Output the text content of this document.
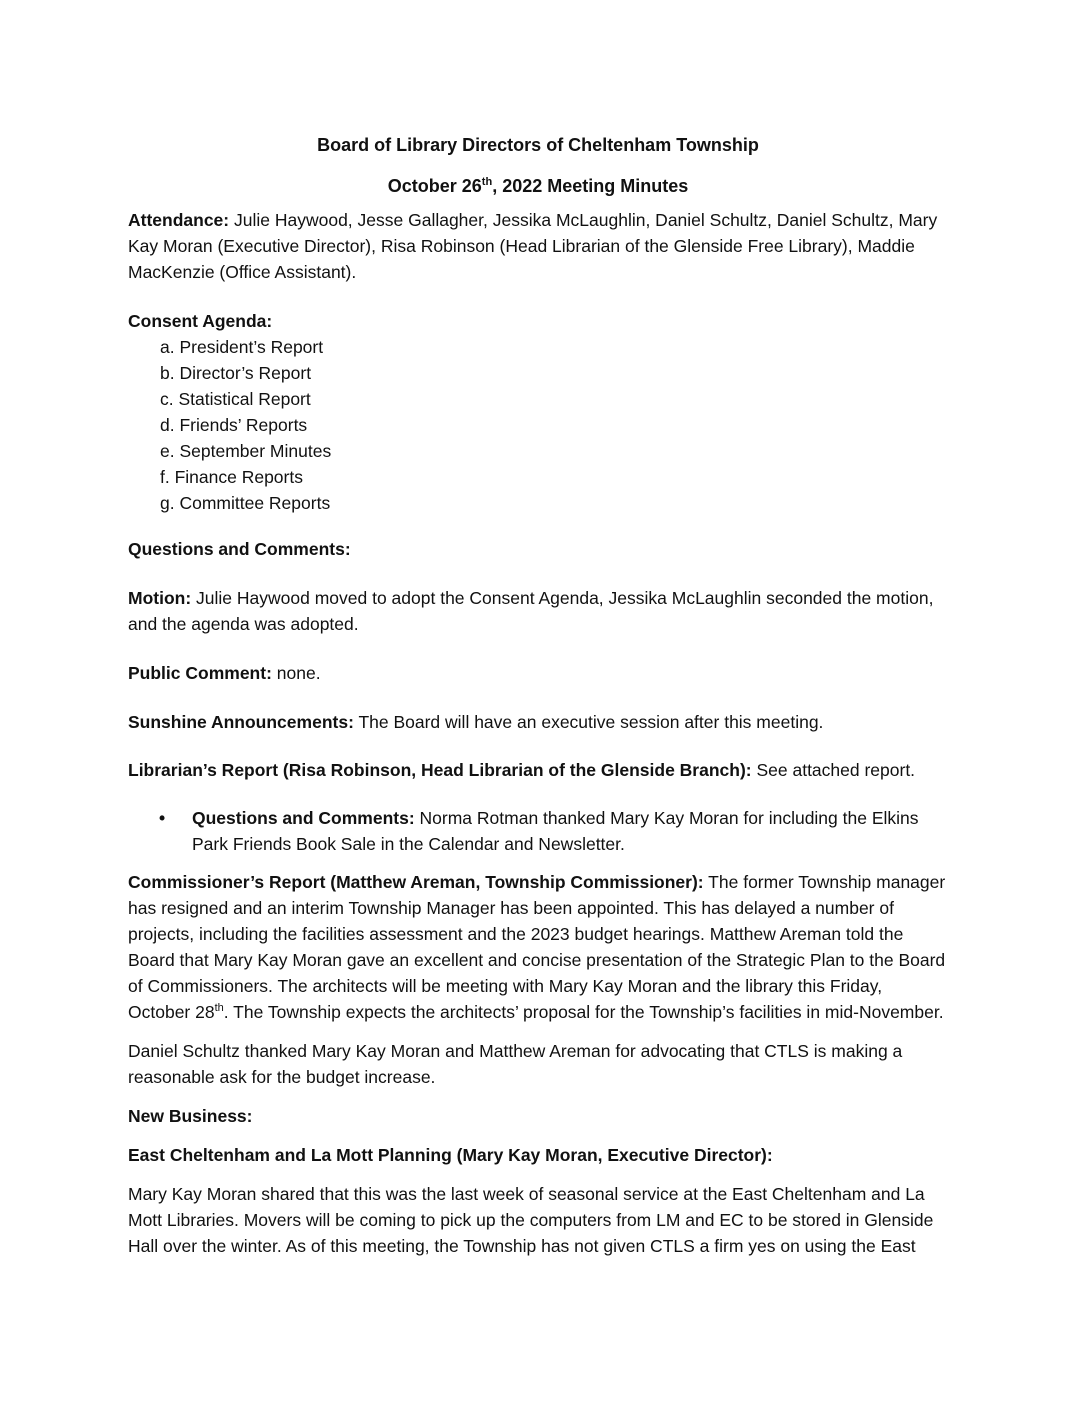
Board of Library Directors of Cheltenham Township
October 26th, 2022 Meeting Minutes

Attendance: Julie Haywood, Jesse Gallagher, Jessika McLaughlin, Daniel Schultz, Daniel Schultz, Mary Kay Moran (Executive Director), Risa Robinson (Head Librarian of the Glenside Free Library), Maddie MacKenzie (Office Assistant).

Consent Agenda:

a. President’s Report
b. Director’s Report
c. Statistical Report
d. Friends’ Reports
e. September Minutes
f. Finance Reports
g. Committee Reports

Questions and Comments:

Motion: Julie Haywood moved to adopt the Consent Agenda, Jessika McLaughlin seconded the motion, and the agenda was adopted.

Public Comment: none.

Sunshine Announcements: The Board will have an executive session after this meeting.

Librarian’s Report (Risa Robinson, Head Librarian of the Glenside Branch): See attached report.

• Questions and Comments: Norma Rotman thanked Mary Kay Moran for including the Elkins Park Friends Book Sale in the Calendar and Newsletter.

Commissioner’s Report (Matthew Areman, Township Commissioner): The former Township manager has resigned and an interim Township Manager has been appointed. This has delayed a number of projects, including the facilities assessment and the 2023 budget hearings. Matthew Areman told the Board that Mary Kay Moran gave an excellent and concise presentation of the Strategic Plan to the Board of Commissioners. The architects will be meeting with Mary Kay Moran and the library this Friday, October 28th. The Township expects the architects’ proposal for the Township’s facilities in mid-November.

Daniel Schultz thanked Mary Kay Moran and Matthew Areman for advocating that CTLS is making a reasonable ask for the budget increase.

New Business:

East Cheltenham and La Mott Planning (Mary Kay Moran, Executive Director):

Mary Kay Moran shared that this was the last week of seasonal service at the East Cheltenham and La Mott Libraries. Movers will be coming to pick up the computers from LM and EC to be stored in Glenside Hall over the winter. As of this meeting, the Township has not given CTLS a firm yes on using the East
